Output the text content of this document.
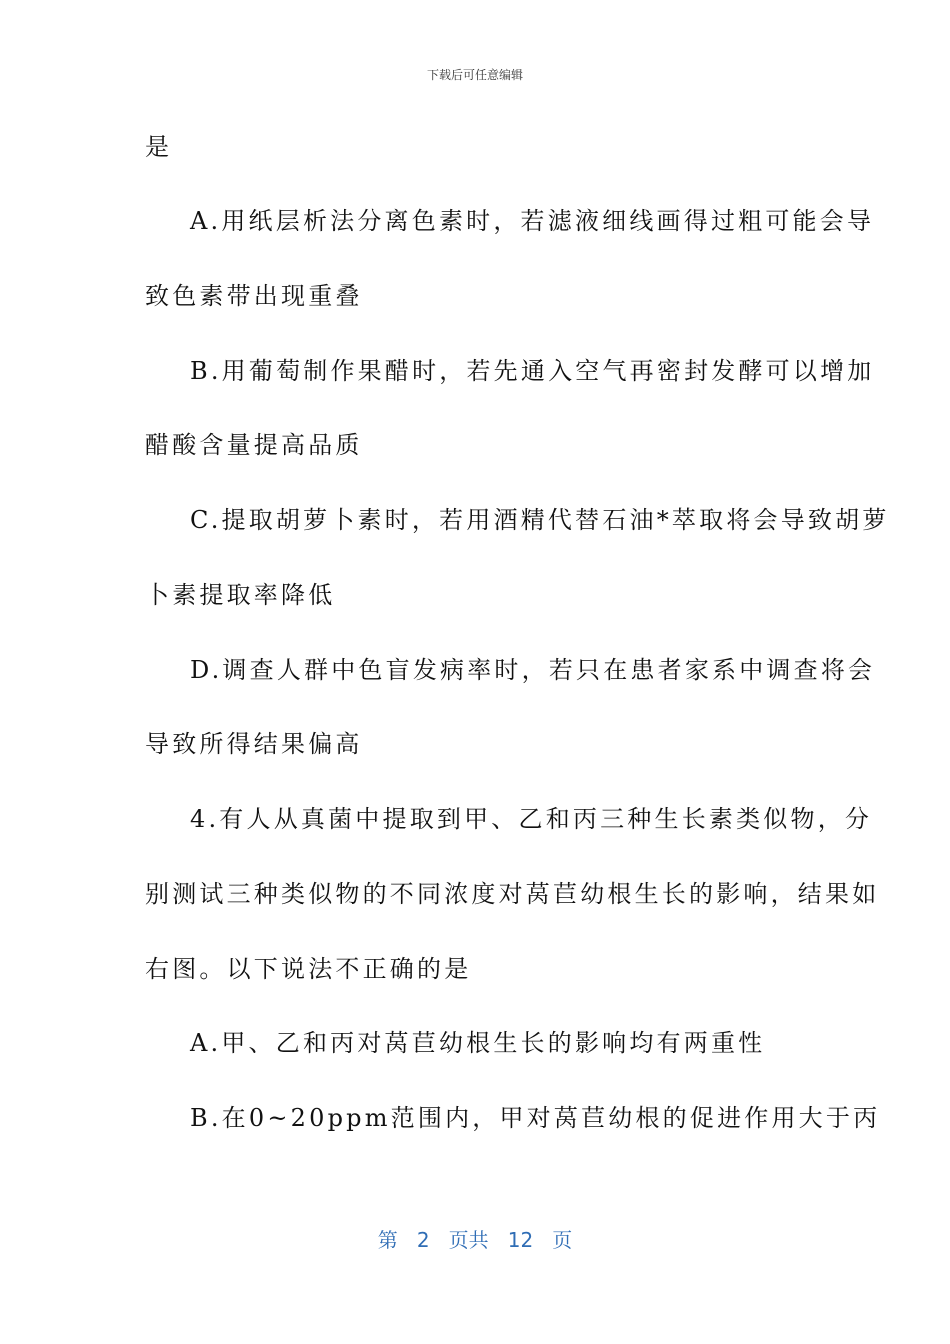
下载后可任意编辑
是
A.用纸层析法分离色素时，若滤液细线画得过粗可能会导
致色素带出现重叠
B.用葡萄制作果醋时，若先通入空气再密封发酵可以增加
醋酸含量提高品质
C.提取胡萝卜素时，若用酒精代替石油*萃取将会导致胡萝
卜素提取率降低
D.调查人群中色盲发病率时，若只在患者家系中调查将会
导致所得结果偏高
4.有人从真菌中提取到甲、乙和丙三种生长素类似物，分
别测试三种类似物的不同浓度对莴苣幼根生长的影响，结果如
右图。以下说法不正确的是
A.甲、乙和丙对莴苣幼根生长的影响均有两重性
B.在0~20ppm范围内，甲对莴苣幼根的促进作用大于丙
第 2 页共 12 页
